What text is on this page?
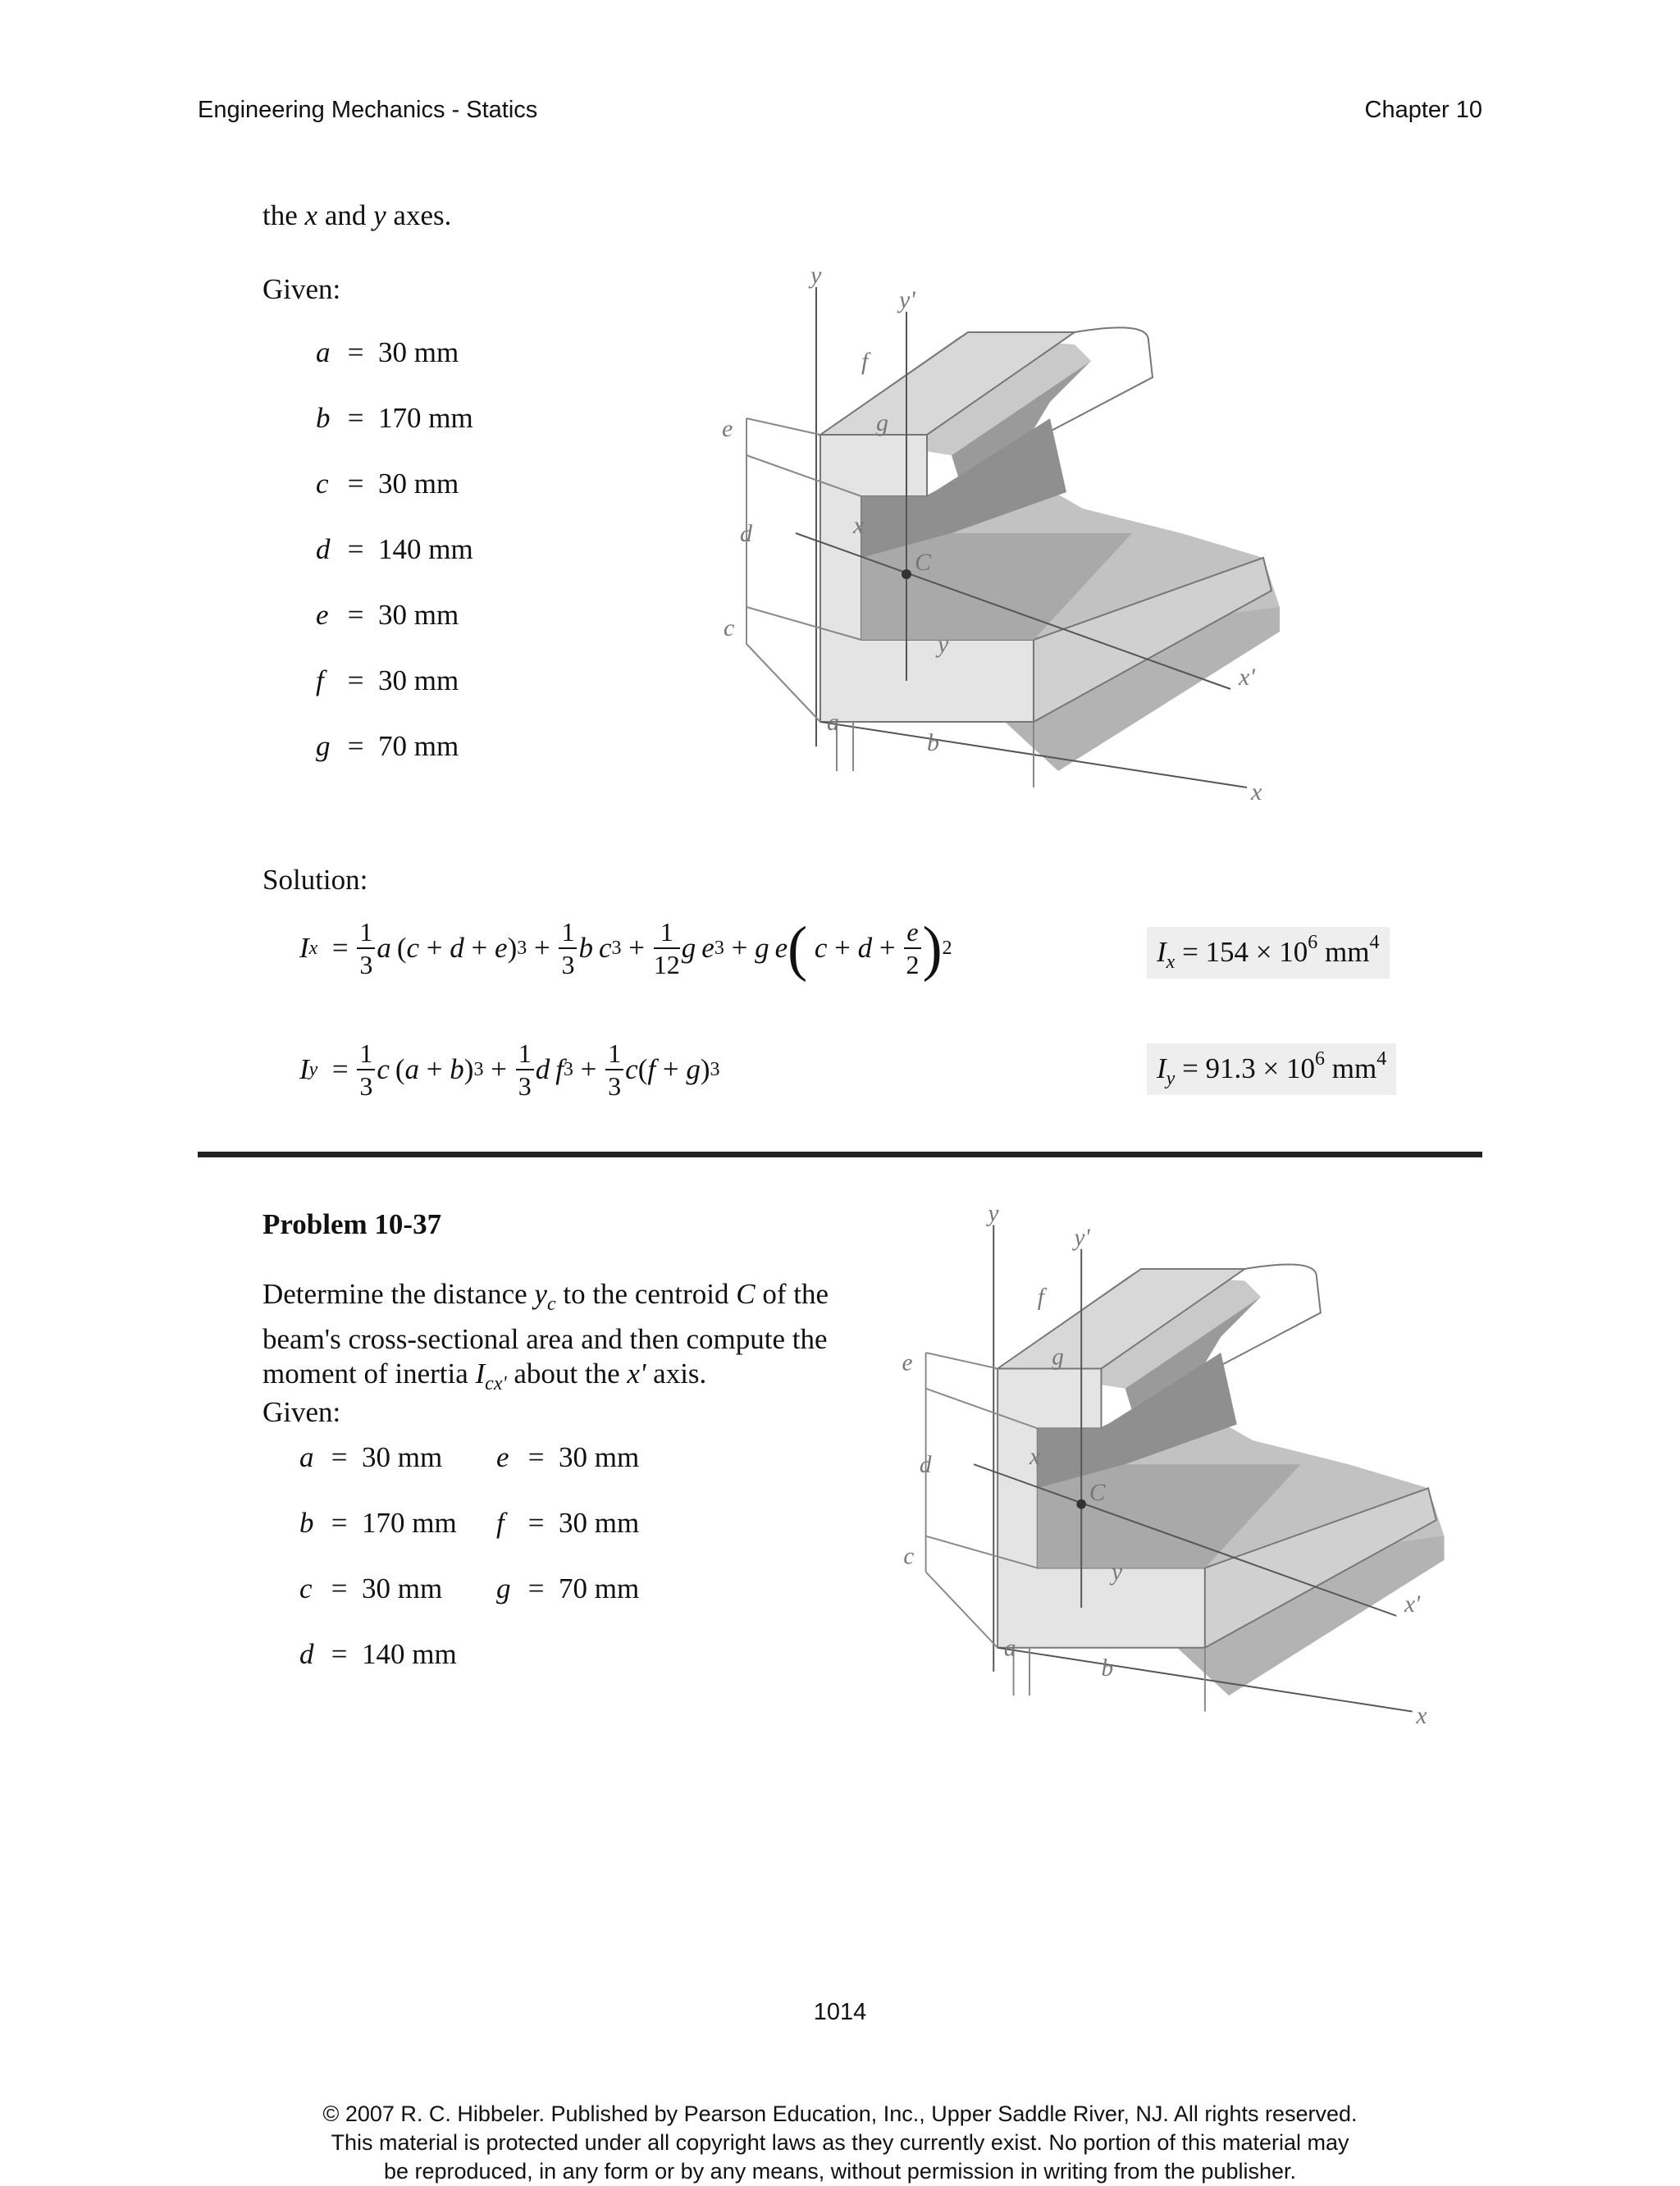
Engineering Mechanics - Statics	Chapter 10
the x and y axes.
Given:
a =  30 mm
b =  170 mm
c =  30 mm
d =  140 mm
e =  30 mm
f =  30 mm
g =  70 mm
Solution:
I $x = \frac{1}{3}$ a  ( c + d + e ) $3 + \frac{1}{3}$ b c $3 + \frac{1}{12}$ g e 3 + g e (
$c + d + \frac{e}{2}$ ) 2	$I_x = 154 \times 10^6$ $mm^4$
I $y = \frac{1}{3}$ c  ( a + b ) $3 + \frac{1}{3}$ d f $3 + \frac{1}{3}$ c ( f + g ) 3	$I_y = 91.3 \times 10^6$ $mm^4$
Problem 10-37
Determine the distance $y_c$ to the centroid C of the
beam's cross-sectional area and then compute the
moment of inertia $I_{cx'}$ about the x' axis.
Given:
a =  30 mm
b =  170 mm
c =  30 mm
d =  140 mm
e =  30 mm
f =  30 mm
g =  70 mm
y
y'
f
g
e
d
c
x
C
y
x'
x
a
b
y
y'
f
g
e
d
c
x
C
y
x'
x
a
b
1014
© 2007 R. C. Hibbeler. Published by Pearson Education, Inc., Upper Saddle River, NJ. All rights reserved.
This material is protected under all copyright laws as they currently exist. No portion of this material may
be reproduced, in any form or by any means, without permission in writing from the publisher.
